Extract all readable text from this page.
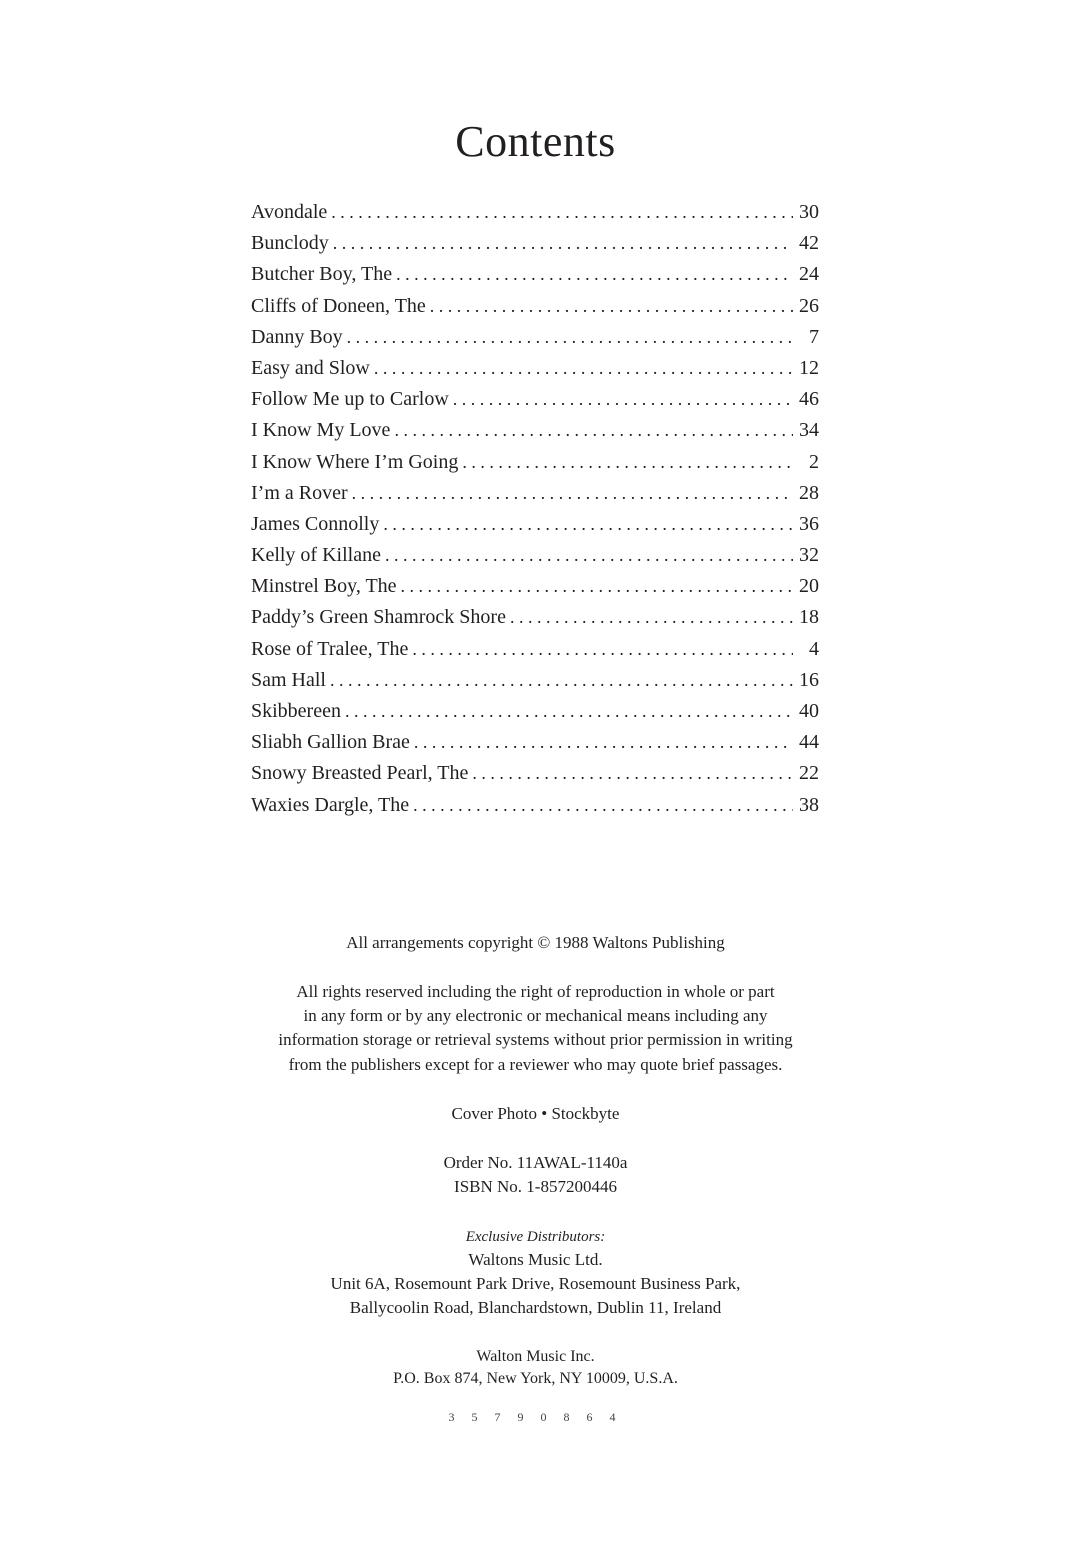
Contents
Avondale . . .	30
Bunclody . . .	42
Butcher Boy, The . . .	24
Cliffs of Doneen, The . . .	26
Danny Boy . . .	7
Easy and Slow . . .	12
Follow Me up to Carlow . . .	46
I Know My Love . . .	34
I Know Where I’m Going . . .	2
I’m a Rover . . .	28
James Connolly . . .	36
Kelly of Killane . . .	32
Minstrel Boy, The . . .	20
Paddy’s Green Shamrock Shore . . .	18
Rose of Tralee, The . . .	4
Sam Hall . . .	16
Skibbereen . . .	40
Sliabh Gallion Brae . . .	44
Snowy Breasted Pearl, The . . .	22
Waxies Dargle, The . . .	38

All arrangements copyright © 1988 Waltons Publishing

All rights reserved including the right of reproduction in whole or part

in any form or by any electronic or mechanical means including any

information storage or retrieval systems without prior permission in writing

from the publishers except for a reviewer who may quote brief passages.

Cover Photo • Stockbyte

Order No. 11AWAL-1140a

ISBN No. 1-857200446

Exclusive Distributors:

Waltons Music Ltd.

Unit 6A, Rosemount Park Drive, Rosemount Business Park,

Ballycoolin Road, Blanchardstown, Dublin 11, Ireland

Walton Music Inc.

P.O. Box 874, New York, NY 10009, U.S.A.

3 5 7 9 0 8 6 4
